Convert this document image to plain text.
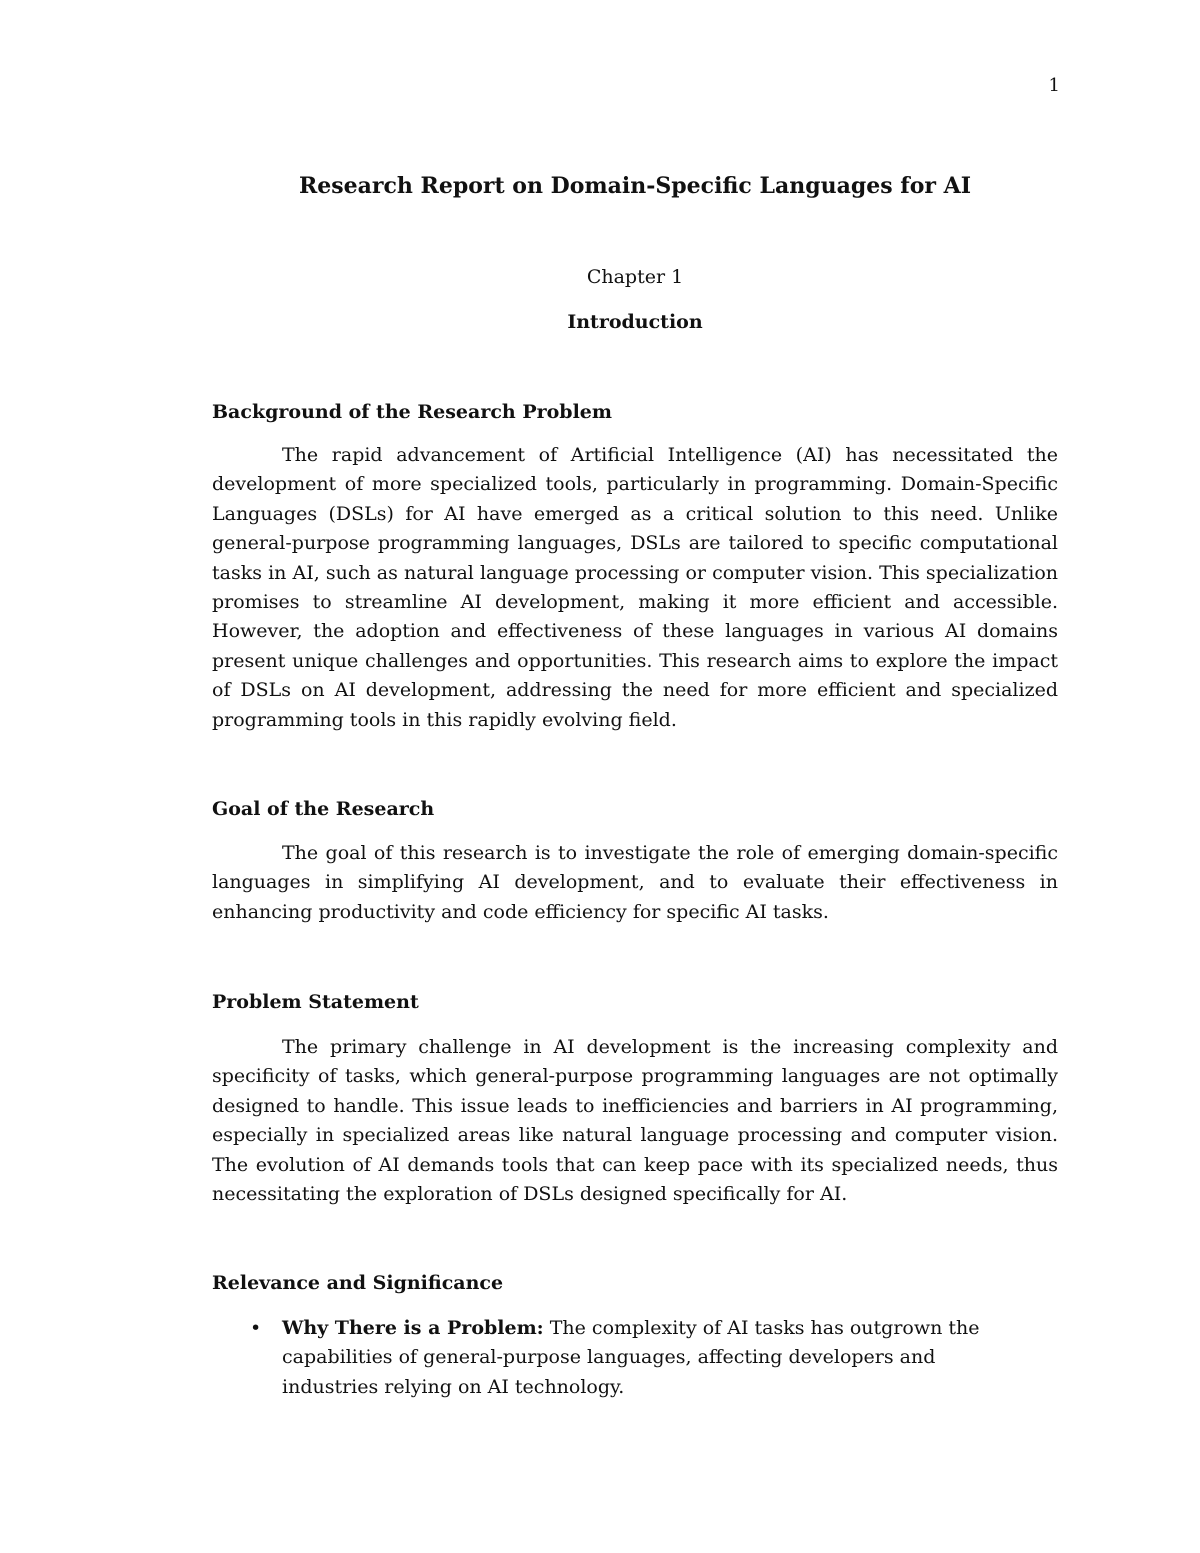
1
Research Report on Domain-Specific Languages for AI
Chapter 1
Introduction
Background of the Research Problem

The rapid advancement of Artificial Intelligence (AI) has necessitated the development of more specialized tools, particularly in programming. Domain-Specific Languages (DSLs) for AI have emerged as a critical solution to this need. Unlike general-purpose programming languages, DSLs are tailored to specific computational tasks in AI, such as natural language processing or computer vision. This specialization promises to streamline AI development, making it more efficient and accessible. However, the adoption and effectiveness of these languages in various AI domains present unique challenges and opportunities. This research aims to explore the impact of DSLs on AI development, addressing the need for more efficient and specialized programming tools in this rapidly evolving field.

Goal of the Research

The goal of this research is to investigate the role of emerging domain-specific languages in simplifying AI development, and to evaluate their effectiveness in enhancing productivity and code efficiency for specific AI tasks.

Problem Statement

The primary challenge in AI development is the increasing complexity and specificity of tasks, which general-purpose programming languages are not optimally designed to handle. This issue leads to inefficiencies and barriers in AI programming, especially in specialized areas like natural language processing and computer vision. The evolution of AI demands tools that can keep pace with its specialized needs, thus necessitating the exploration of DSLs designed specifically for AI.

Relevance and Significance
• Why There is a Problem: The complexity of AI tasks has outgrown the capabilities of general-purpose languages, affecting developers and industries relying on AI technology.
